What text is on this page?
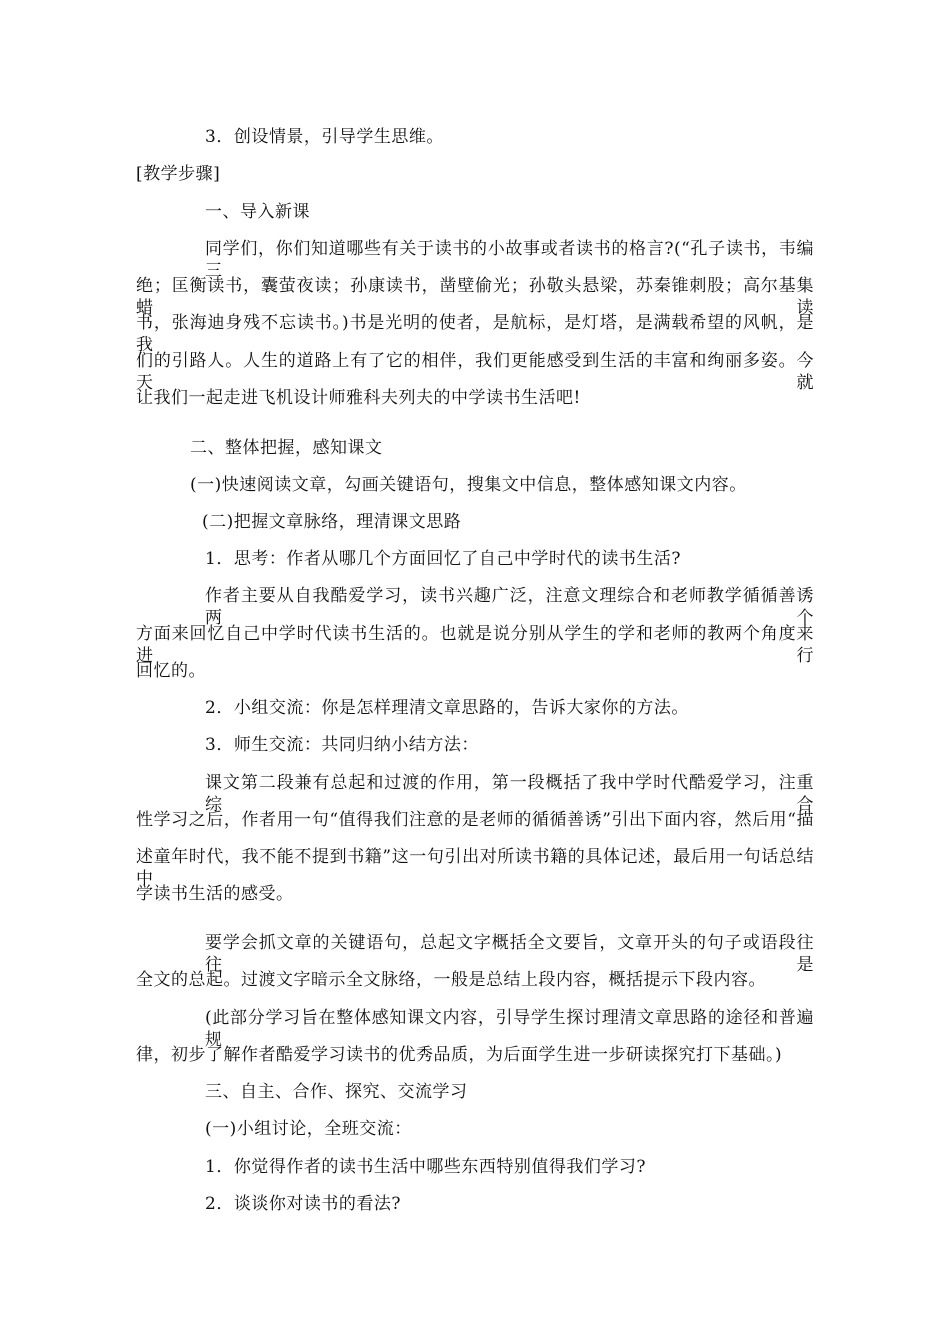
3．创设情景，引导学生思维。
[教学步骤]
一、导入新课
同学们，你们知道哪些有关于读书的小故事或者读书的格言?(“孔子读书，韦编三
绝；匡衡读书，囊萤夜读；孙康读书，凿壁偷光；孙敬头悬梁，苏秦锥刺股；高尔基集蜡读
书，张海迪身残不忘读书。)书是光明的使者，是航标，是灯塔，是满载希望的风帆，是我
们的引路人。人生的道路上有了它的相伴，我们更能感受到生活的丰富和绚丽多姿。今天就
让我们一起走进飞机设计师雅科夫列夫的中学读书生活吧!
二、整体把握，感知课文
(一)快速阅读文章，勾画关键语句，搜集文中信息，整体感知课文内容。
(二)把握文章脉络，理清课文思路
1．思考：作者从哪几个方面回忆了自己中学时代的读书生活?
作者主要从自我酷爱学习，读书兴趣广泛，注意文理综合和老师教学循循善诱两个
方面来回忆自己中学时代读书生活的。也就是说分别从学生的学和老师的教两个角度来进行
回忆的。
2．小组交流：你是怎样理清文章思路的，告诉大家你的方法。
3．师生交流：共同归纳小结方法：
课文第二段兼有总起和过渡的作用，第一段概括了我中学时代酷爱学习，注重综合
性学习之后，作者用一句“值得我们注意的是老师的循循善诱”引出下面内容，然后用“描
述童年时代，我不能不提到书籍”这一句引出对所读书籍的具体记述，最后用一句话总结中
学读书生活的感受。
要学会抓文章的关键语句，总起文字概括全文要旨，文章开头的句子或语段往往是
全文的总起。过渡文字暗示全文脉络，一般是总结上段内容，概括提示下段内容。
(此部分学习旨在整体感知课文内容，引导学生探讨理清文章思路的途径和普遍规
律，初步了解作者酷爱学习读书的优秀品质，为后面学生进一步研读探究打下基础。)
三、自主、合作、探究、交流学习
(一)小组讨论，全班交流：
1．你觉得作者的读书生活中哪些东西特别值得我们学习?
2．谈谈你对读书的看法?
